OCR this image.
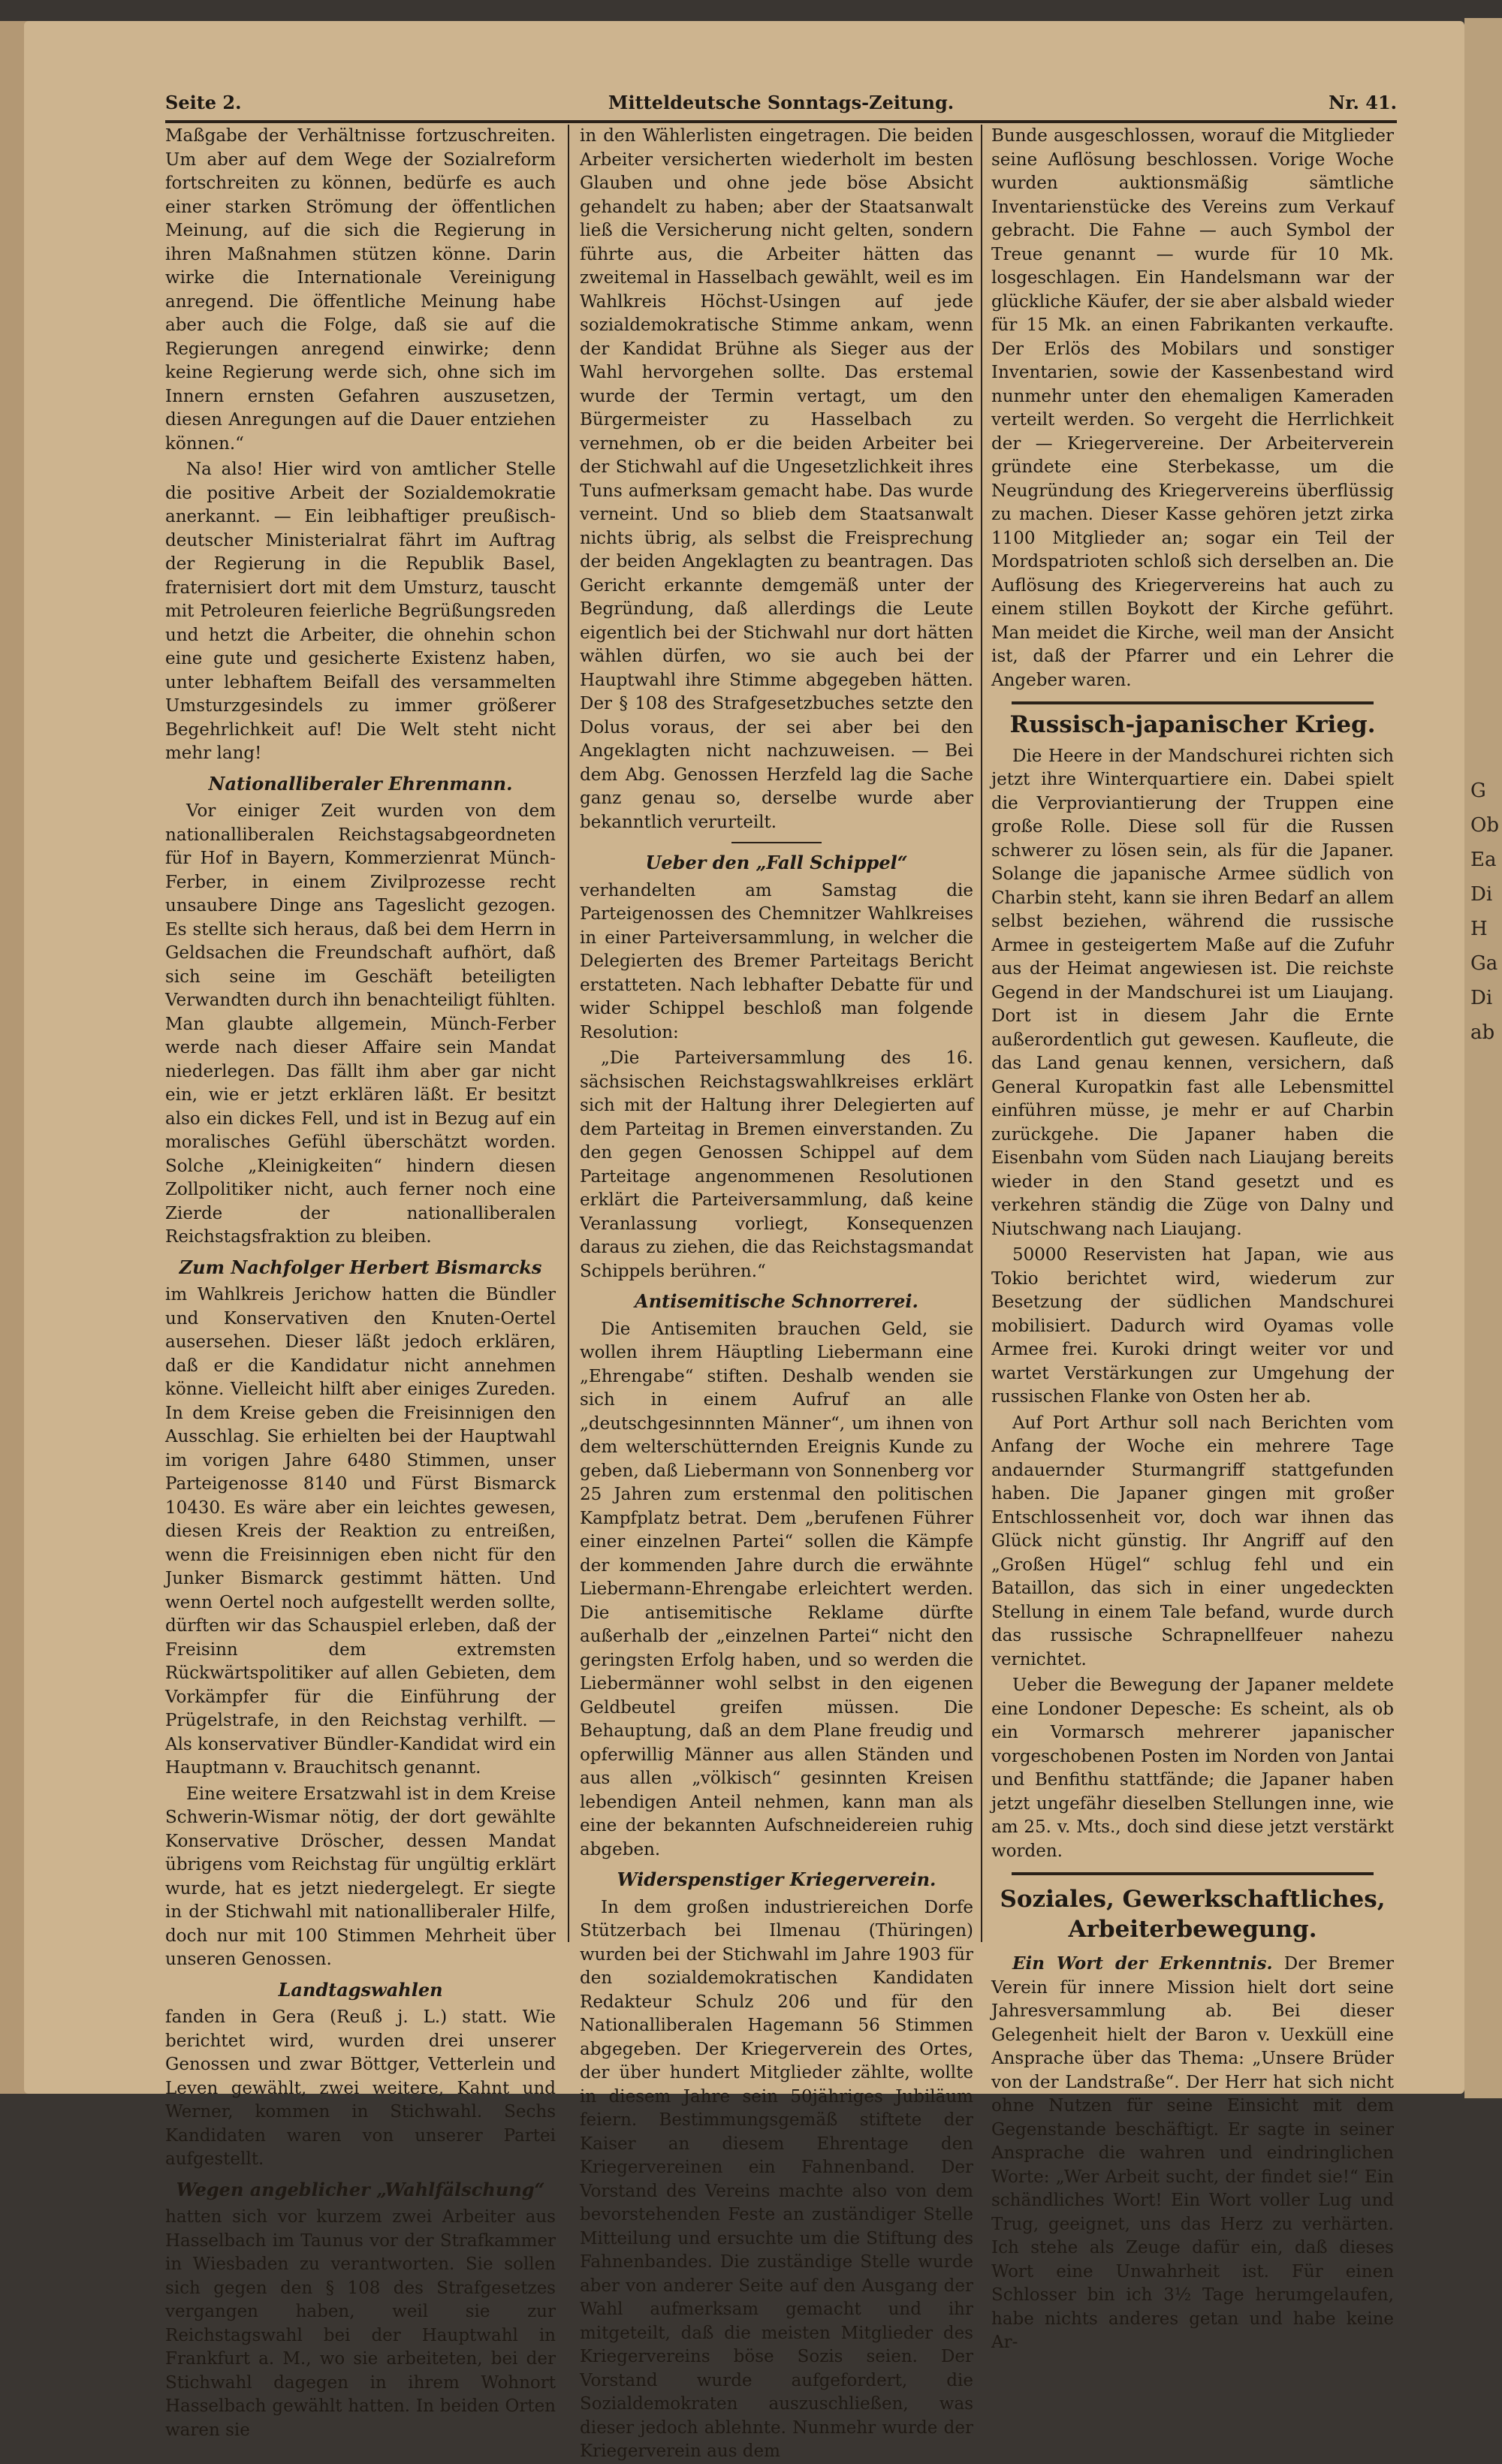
G
Ob
Ea
Di
H
Ga
Di
ab
Seite 2.	Mitteldeutsche Sonntags-Zeitung.	Nr. 41.

Maßgabe der Verhältnisse fortzuschreiten. Um aber auf dem Wege der Sozialreform fortschreiten zu können, bedürfe es auch einer starken Strömung der öffentlichen Meinung, auf die sich die Regierung in ihren Maßnahmen stützen könne. Darin wirke die Internationale Vereinigung anregend. Die öffentliche Meinung habe aber auch die Folge, daß sie auf die Regierungen anregend einwirke; denn keine Regierung werde sich, ohne sich im Innern ernsten Gefahren auszusetzen, diesen Anregungen auf die Dauer entziehen können.“

Na also! Hier wird von amtlicher Stelle die positive Arbeit der Sozialdemokratie anerkannt. — Ein leibhaftiger preußisch-deutscher Ministerialrat fährt im Auftrag der Regierung in die Republik Basel, fraternisiert dort mit dem Umsturz, tauscht mit Petroleuren feierliche Begrüßungsreden und hetzt die Arbeiter, die ohnehin schon eine gute und gesicherte Existenz haben, unter lebhaftem Beifall des versammelten Umsturzgesindels zu immer größerer Begehrlichkeit auf! Die Welt steht nicht mehr lang!

Nationalliberaler Ehrenmann.

Vor einiger Zeit wurden von dem nationalliberalen Reichstagsabgeordneten für Hof in Bayern, Kommerzienrat Münch-Ferber, in einem Zivilprozesse recht unsaubere Dinge ans Tageslicht gezogen. Es stellte sich heraus, daß bei dem Herrn in Geldsachen die Freundschaft aufhört, daß sich seine im Geschäft beteiligten Verwandten durch ihn benachteiligt fühlten. Man glaubte allgemein, Münch-Ferber werde nach dieser Affaire sein Mandat niederlegen. Das fällt ihm aber gar nicht ein, wie er jetzt erklären läßt. Er besitzt also ein dickes Fell, und ist in Bezug auf ein moralisches Gefühl überschätzt worden. Solche „Kleinigkeiten“ hindern diesen Zollpolitiker nicht, auch ferner noch eine Zierde der nationalliberalen Reichstagsfraktion zu bleiben.

Zum Nachfolger Herbert Bismarcks

im Wahlkreis Jerichow hatten die Bündler und Konservativen den Knuten-Oertel ausersehen. Dieser läßt jedoch erklären, daß er die Kandidatur nicht annehmen könne. Vielleicht hilft aber einiges Zureden. In dem Kreise geben die Freisinnigen den Ausschlag. Sie erhielten bei der Hauptwahl im vorigen Jahre 6480 Stimmen, unser Parteigenosse 8140 und Fürst Bismarck 10430. Es wäre aber ein leichtes gewesen, diesen Kreis der Reaktion zu entreißen, wenn die Freisinnigen eben nicht für den Junker Bismarck gestimmt hätten. Und wenn Oertel noch aufgestellt werden sollte, dürften wir das Schauspiel erleben, daß der Freisinn dem extremsten Rückwärtspolitiker auf allen Gebieten, dem Vorkämpfer für die Einführung der Prügelstrafe, in den Reichstag verhilft. — Als konservativer Bündler-Kandidat wird ein Hauptmann v. Brauchitsch genannt.

Eine weitere Ersatzwahl ist in dem Kreise Schwerin-Wismar nötig, der dort gewählte Konservative Dröscher, dessen Mandat übrigens vom Reichstag für ungültig erklärt wurde, hat es jetzt niedergelegt. Er siegte in der Stichwahl mit nationalliberaler Hilfe, doch nur mit 100 Stimmen Mehrheit über unseren Genossen.

Landtagswahlen

fanden in Gera (Reuß j. L.) statt. Wie berichtet wird, wurden drei unserer Genossen und zwar Böttger, Vetterlein und Leven gewählt, zwei weitere, Kahnt und Werner, kommen in Stichwahl. Sechs Kandidaten waren von unserer Partei aufgestellt.

Wegen angeblicher „Wahlfälschung“

hatten sich vor kurzem zwei Arbeiter aus Hasselbach im Taunus vor der Strafkammer in Wiesbaden zu verantworten. Sie sollen sich gegen den § 108 des Strafgesetzes vergangen haben, weil sie zur Reichstagswahl bei der Hauptwahl in Frankfurt a. M., wo sie arbeiteten, bei der Stichwahl dagegen in ihrem Wohnort Hasselbach gewählt hatten. In beiden Orten waren sie

in den Wählerlisten eingetragen. Die beiden Arbeiter versicherten wiederholt im besten Glauben und ohne jede böse Absicht gehandelt zu haben; aber der Staatsanwalt ließ die Versicherung nicht gelten, sondern führte aus, die Arbeiter hätten das zweitemal in Hasselbach gewählt, weil es im Wahlkreis Höchst-Usingen auf jede sozialdemokratische Stimme ankam, wenn der Kandidat Brühne als Sieger aus der Wahl hervorgehen sollte. Das erstemal wurde der Termin vertagt, um den Bürgermeister zu Hasselbach zu vernehmen, ob er die beiden Arbeiter bei der Stichwahl auf die Ungesetzlichkeit ihres Tuns aufmerksam gemacht habe. Das wurde verneint. Und so blieb dem Staatsanwalt nichts übrig, als selbst die Freisprechung der beiden Angeklagten zu beantragen. Das Gericht erkannte demgemäß unter der Begründung, daß allerdings die Leute eigentlich bei der Stichwahl nur dort hätten wählen dürfen, wo sie auch bei der Hauptwahl ihre Stimme abgegeben hätten. Der § 108 des Strafgesetzbuches setzte den Dolus voraus, der sei aber bei den Angeklagten nicht nachzuweisen. — Bei dem Abg. Genossen Herzfeld lag die Sache ganz genau so, derselbe wurde aber bekanntlich verurteilt.

Ueber den „Fall Schippel“

verhandelten am Samstag die Parteigenossen des Chemnitzer Wahlkreises in einer Parteiversammlung, in welcher die Delegierten des Bremer Parteitags Bericht erstatteten. Nach lebhafter Debatte für und wider Schippel beschloß man folgende Resolution:

„Die Parteiversammlung des 16. sächsischen Reichstagswahlkreises erklärt sich mit der Haltung ihrer Delegierten auf dem Parteitag in Bremen einverstanden. Zu den gegen Genossen Schippel auf dem Parteitage angenommenen Resolutionen erklärt die Parteiversammlung, daß keine Veranlassung vorliegt, Konsequenzen daraus zu ziehen, die das Reichstagsmandat Schippels berühren.“

Antisemitische Schnorrerei.

Die Antisemiten brauchen Geld, sie wollen ihrem Häuptling Liebermann eine „Ehrengabe“ stiften. Deshalb wenden sie sich in einem Aufruf an alle „deutschgesinnnten Männer“, um ihnen von dem welterschütternden Ereignis Kunde zu geben, daß Liebermann von Sonnenberg vor 25 Jahren zum erstenmal den politischen Kampfplatz betrat. Dem „berufenen Führer einer einzelnen Partei“ sollen die Kämpfe der kommenden Jahre durch die erwähnte Liebermann-Ehrengabe erleichtert werden. Die antisemitische Reklame dürfte außerhalb der „einzelnen Partei“ nicht den geringsten Erfolg haben, und so werden die Liebermänner wohl selbst in den eigenen Geldbeutel greifen müssen. Die Behauptung, daß an dem Plane freudig und opferwillig Männer aus allen Ständen und aus allen „völkisch“ gesinnten Kreisen lebendigen Anteil nehmen, kann man als eine der bekannten Aufschneidereien ruhig abgeben.

Widerspenstiger Kriegerverein.

In dem großen industriereichen Dorfe Stützerbach bei Ilmenau (Thüringen) wurden bei der Stichwahl im Jahre 1903 für den sozialdemokratischen Kandidaten Redakteur Schulz 206 und für den Nationalliberalen Hagemann 56 Stimmen abgegeben. Der Kriegerverein des Ortes, der über hundert Mitglieder zählte, wollte in diesem Jahre sein 50jähriges Jubiläum feiern. Bestimmungsgemäß stiftete der Kaiser an diesem Ehrentage den Kriegervereinen ein Fahnenband. Der Vorstand des Vereins machte also von dem bevorstehenden Feste an zuständiger Stelle Mitteilung und ersuchte um die Stiftung des Fahnenbandes. Die zuständige Stelle wurde aber von anderer Seite auf den Ausgang der Wahl aufmerksam gemacht und ihr mitgeteilt, daß die meisten Mitglieder des Kriegervereins böse Sozis seien. Der Vorstand wurde aufgefordert, die Sozialdemokraten auszuschließen, was dieser jedoch ablehnte. Nunmehr wurde der Kriegerverein aus dem

Bunde ausgeschlossen, worauf die Mitglieder seine Auflösung beschlossen. Vorige Woche wurden auktionsmäßig sämtliche Inventarienstücke des Vereins zum Verkauf gebracht. Die Fahne — auch Symbol der Treue genannt — wurde für 10 Mk. losgeschlagen. Ein Handelsmann war der glückliche Käufer, der sie aber alsbald wieder für 15 Mk. an einen Fabrikanten verkaufte. Der Erlös des Mobilars und sonstiger Inventarien, sowie der Kassenbestand wird nunmehr unter den ehemaligen Kameraden verteilt werden. So vergeht die Herrlichkeit der — Kriegervereine. Der Arbeiterverein gründete eine Sterbekasse, um die Neugründung des Kriegervereins überflüssig zu machen. Dieser Kasse gehören jetzt zirka 1100 Mitglieder an; sogar ein Teil der Mordspatrioten schloß sich derselben an. Die Auflösung des Kriegervereins hat auch zu einem stillen Boykott der Kirche geführt. Man meidet die Kirche, weil man der Ansicht ist, daß der Pfarrer und ein Lehrer die Angeber waren.

Russisch-japanischer Krieg.

Die Heere in der Mandschurei richten sich jetzt ihre Winterquartiere ein. Dabei spielt die Verproviantierung der Truppen eine große Rolle. Diese soll für die Russen schwerer zu lösen sein, als für die Japaner. Solange die japanische Armee südlich von Charbin steht, kann sie ihren Bedarf an allem selbst beziehen, während die russische Armee in gesteigertem Maße auf die Zufuhr aus der Heimat angewiesen ist. Die reichste Gegend in der Mandschurei ist um Liaujang. Dort ist in diesem Jahr die Ernte außerordentlich gut gewesen. Kaufleute, die das Land genau kennen, versichern, daß General Kuropatkin fast alle Lebensmittel einführen müsse, je mehr er auf Charbin zurückgehe. Die Japaner haben die Eisenbahn vom Süden nach Liaujang bereits wieder in den Stand gesetzt und es verkehren ständig die Züge von Dalny und Niutschwang nach Liaujang.

50000 Reservisten hat Japan, wie aus Tokio berichtet wird, wiederum zur Besetzung der südlichen Mandschurei mobilisiert. Dadurch wird Oyamas volle Armee frei. Kuroki dringt weiter vor und wartet Verstärkungen zur Umgehung der russischen Flanke von Osten her ab.

Auf Port Arthur soll nach Berichten vom Anfang der Woche ein mehrere Tage andauernder Sturmangriff stattgefunden haben. Die Japaner gingen mit großer Entschlossenheit vor, doch war ihnen das Glück nicht günstig. Ihr Angriff auf den „Großen Hügel“ schlug fehl und ein Bataillon, das sich in einer ungedeckten Stellung in einem Tale befand, wurde durch das russische Schrapnellfeuer nahezu vernichtet.

Ueber die Bewegung der Japaner meldete eine Londoner Depesche: Es scheint, als ob ein Vormarsch mehrerer japanischer vorgeschobenen Posten im Norden von Jantai und Benfithu stattfände; die Japaner haben jetzt ungefähr dieselben Stellungen inne, wie am 25. v. Mts., doch sind diese jetzt verstärkt worden.

Soziales, Gewerkschaftliches, Arbeiterbewegung.

Ein Wort der Erkenntnis. Der Bremer Verein für innere Mission hielt dort seine Jahresversammlung ab. Bei dieser Gelegenheit hielt der Baron v. Uexküll eine Ansprache über das Thema: „Unsere Brüder von der Landstraße“. Der Herr hat sich nicht ohne Nutzen für seine Einsicht mit dem Gegenstande beschäftigt. Er sagte in seiner Ansprache die wahren und eindringlichen Worte: „Wer Arbeit sucht, der findet sie!“ Ein schändliches Wort! Ein Wort voller Lug und Trug, geeignet, uns das Herz zu verhärten. Ich stehe als Zeuge dafür ein, daß dieses Wort eine Unwahrheit ist. Für einen Schlosser bin ich 3½ Tage herumgelaufen, habe nichts anderes getan und habe keine Ar-
